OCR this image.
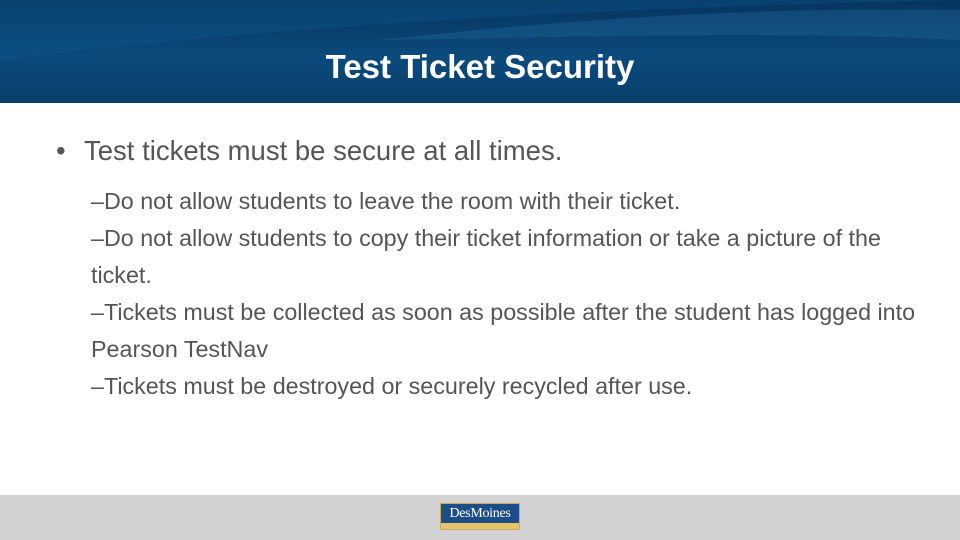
Test Ticket Security
• Test tickets must be secure at all times.
–Do not allow students to leave the room with their ticket.
–Do not allow students to copy their ticket information or take a picture of the ticket.
–Tickets must be collected as soon as possible after the student has logged into Pearson TestNav
–Tickets must be destroyed or securely recycled after use.
DesMoines
